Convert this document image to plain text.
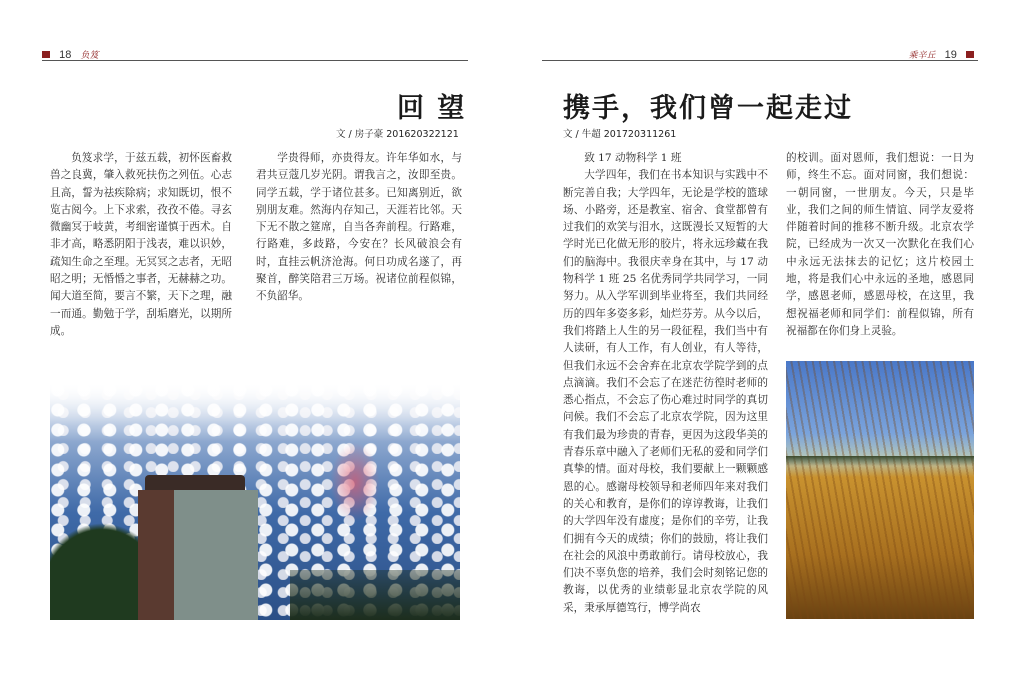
18 负笈
回 望
文 / 房子豪 201620322121

负笈求学，于兹五载，初怀医畜救兽之良冀，肇入救死扶伤之列伍。心志且高，誓为祛疾除病；求知既切，恨不览古阅今。上下求索，孜孜不倦。寻玄微幽冥于岐黄，考细密谨慎于西术。自非才高，略悉阴阳于浅表，难以识妙，疏知生命之至理。无冥冥之志者，无昭昭之明；无惛惛之事者，无赫赫之功。闻大道至简，要言不繁，天下之理，融一而通。勤勉于学，刮垢磨光，以期所成。

学贵得师，亦贵得友。许年华如水，与君共豆蔻几岁光阴。谓我言之，汝即至贵。同学五载，学于诸位甚多。已知离别近，欲别朋友难。然海内存知己，天涯若比邻。天下无不散之筵席，自当各奔前程。行路难，行路难，多歧路，今安在？长风破浪会有时，直挂云帆济沧海。何日功成名遂了，再聚首，醉笑陪君三万场。祝诸位前程似锦，不负韶华。

乘辛丘 19
携手，我们曾一起走过
文 / 牛超 201720311261

致 17 动物科学 1 班

大学四年，我们在书本知识与实践中不断完善自我；大学四年，无论是学校的篮球场、小路旁，还是教室、宿舍、食堂都曾有过我们的欢笑与泪水，这既漫长又短暂的大学时光已化做无形的胶片，将永远珍藏在我们的脑海中。我很庆幸身在其中，与 17 动物科学 1 班 25 名优秀同学共同学习，一同努力。从入学军训到毕业将至，我们共同经历的四年多姿多彩，灿烂芬芳。从今以后，我们将踏上人生的另一段征程，我们当中有人读研，有人工作，有人创业，有人等待，但我们永远不会舍弃在北京农学院学到的点点滴滴。我们不会忘了在迷茫彷徨时老师的悉心指点，不会忘了伤心难过时同学的真切问候。我们不会忘了北京农学院，因为这里有我们最为珍贵的青春，更因为这段华美的青春乐章中融入了老师们无私的爱和同学们真挚的情。面对母校，我们要献上一颗颗感恩的心。感谢母校领导和老师四年来对我们的关心和教育，是你们的谆谆教诲，让我们的大学四年没有虚度；是你们的辛劳，让我们拥有今天的成绩；你们的鼓励，将让我们在社会的风浪中勇敢前行。请母校放心，我们决不辜负您的培养，我们会时刻铭记您的教诲，以优秀的业绩彰显北京农学院的风采，秉承厚德笃行，博学尚农

的校训。面对恩师，我们想说：一日为师，终生不忘。面对同窗，我们想说：一朝同窗，一世朋友。今天，只是毕业，我们之间的师生情谊、同学友爱将伴随着时间的推移不断升级。北京农学院，已经成为一次又一次默化在我们心中永远无法抹去的记忆；这片校园土地，将是我们心中永远的圣地，感恩同学，感恩老师，感恩母校，在这里，我想祝福老师和同学们：前程似锦，所有祝福都在你们身上灵验。
